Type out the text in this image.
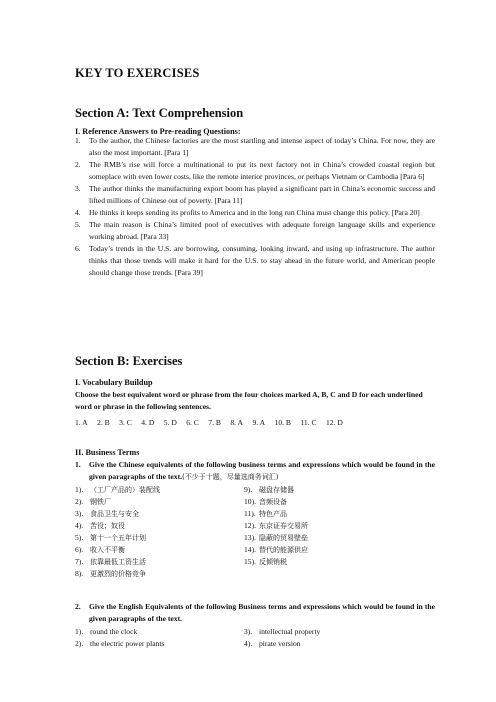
KEY TO EXERCISES
Section A: Text Comprehension

I. Reference Answers to Pre-reading Questions:

1. To the author, the Chinese factories are the most startling and intense aspect of today’s China. For now, they are also the most important. [Para 1]
2. The RMB’s rise will force a multinational to put its next factory not in China’s crowded coastal region but someplace with even lower costs, like the remote interior provinces, or perhaps Vietnam or Cambodia [Para 6]
3. The author thinks the manufacturing export boom has played a significant part in China’s economic success and lifted millions of Chinese out of poverty. [Para 11]
4. He thinks it keeps sending its profits to America and in the long run China must change this policy. [Para 20]
5. The main reason is China’s limited pool of executives with adequate foreign language skills and experience working abroad. [Para 33]
6. Today’s trends in the U.S. are borrowing, consuming, looking inward, and using up infrastructure. The author thinks that those trends will make it hard for the U.S. to stay ahead in the future world, and American people should change those trends. [Para 39]
Section B: Exercises

I. Vocabulary Buildup

Choose the best equivalent word or phrase from the four choices marked A, B, C and D for each underlined word or phrase in the following sentences.

1. A 2. B 3. C 4. D 5. D 6. C 7. B 8. A 9. A 10. B 11. C 12. D

II. Business Terms

1. Give the Chinese equivalents of the following business terms and expressions which would be found in the given paragraphs of the text.(不少于十题，尽量选商务词汇)
1). （工厂产品的）装配线	9). 磁盘存储器
2). 钢铁厂	10). 音频设备
3). 食品卫生与安全	11). 特色产品
4). 苦役；奴役	12). 东京证券交易所
5). 第十一个五年计划	13). 隐蔽的贸易壁垒
6). 收入不平衡	14). 替代的能源供应
7). 依靠最低工资生活	15). 反倾销税
8). 更激烈的价格竞争
2. Give the English Equivalents of the following Business terms and expressions which would be found in the given paragraphs of the text.
1). round the clock	3). intellectual property
2). the electric power plants	4). pirate version
